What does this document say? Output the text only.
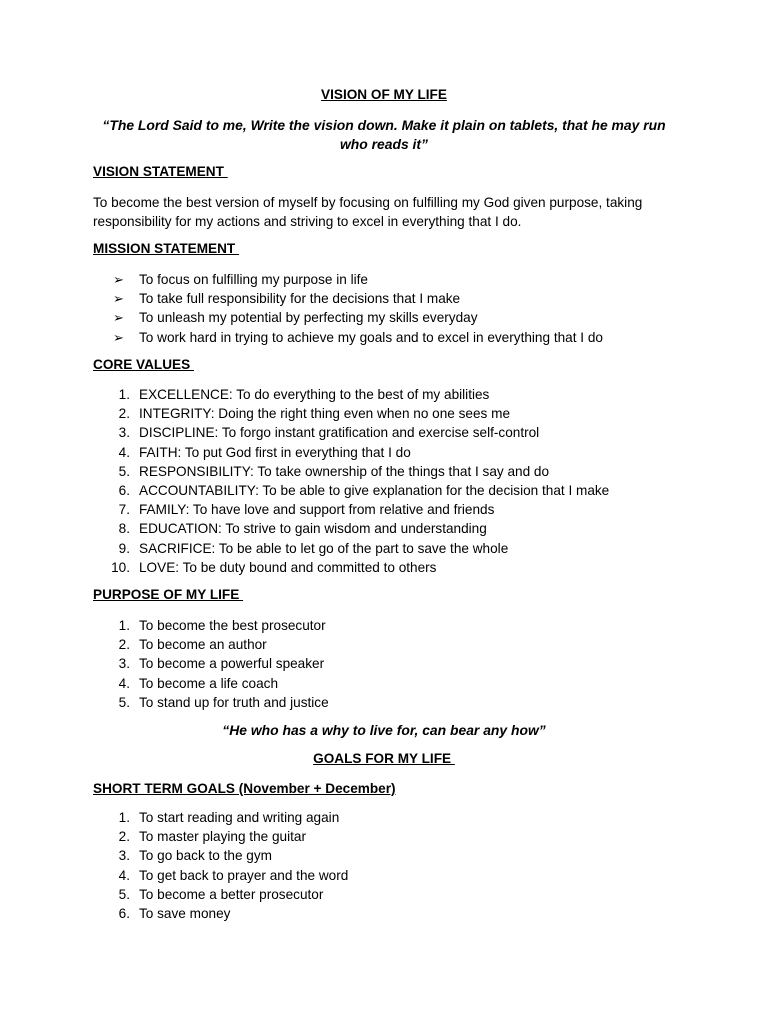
VISION OF MY LIFE
“The Lord Said to me, Write the vision down. Make it plain on tablets, that he may run who reads it”
VISION STATEMENT
To become the best version of myself by focusing on fulfilling my God given purpose, taking responsibility for my actions and striving to excel in everything that I do.
MISSION STATEMENT
➢	To focus on fulfilling my purpose in life
➢	To take full responsibility for the decisions that I make
➢	To unleash my potential by perfecting my skills everyday
➢	To work hard in trying to achieve my goals and to excel in everything that I do
CORE VALUES
1. EXCELLENCE: To do everything to the best of my abilities
2. INTEGRITY: Doing the right thing even when no one sees me
3. DISCIPLINE: To forgo instant gratification and exercise self-control
4. FAITH: To put God first in everything that I do
5. RESPONSIBILITY: To take ownership of the things that I say and do
6. ACCOUNTABILITY: To be able to give explanation for the decision that I make
7. FAMILY: To have love and support from relative and friends
8. EDUCATION: To strive to gain wisdom and understanding
9. SACRIFICE: To be able to let go of the part to save the whole
10. LOVE: To be duty bound and committed to others
PURPOSE OF MY LIFE
1. To become the best prosecutor
2. To become an author
3. To become a powerful speaker
4. To become a life coach
5. To stand up for truth and justice
“He who has a why to live for, can bear any how”
GOALS FOR MY LIFE
SHORT TERM GOALS (November + December)
1. To start reading and writing again
2. To master playing the guitar
3. To go back to the gym
4. To get back to prayer and the word
5. To become a better prosecutor
6. To save money
